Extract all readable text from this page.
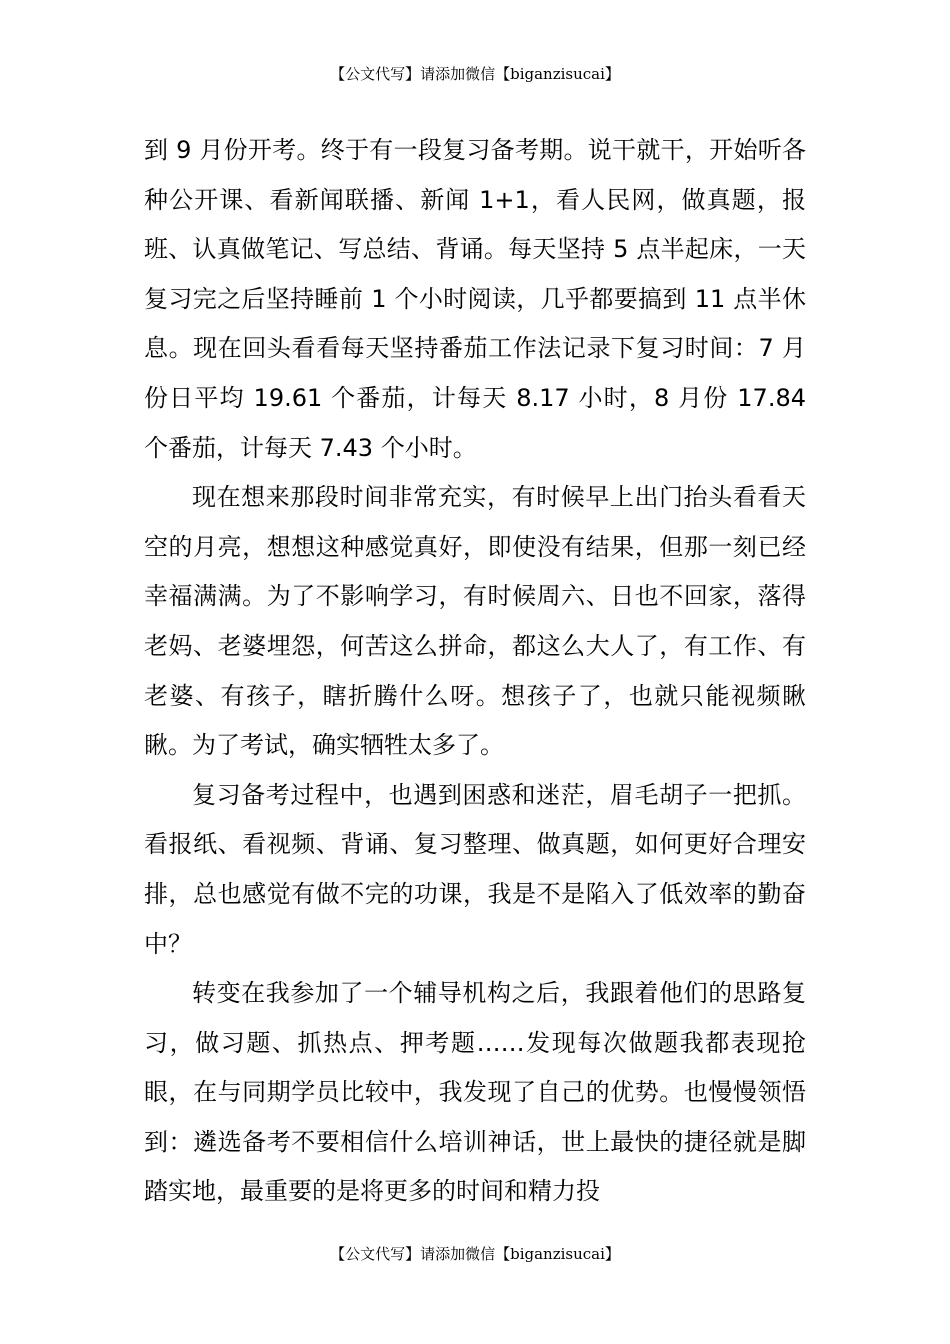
【公文代写】请添加微信【biganzisucai】

到 9 月份开考。终于有一段复习备考期。说干就干，开始听各种公开课、看新闻联播、新闻 1+1，看人民网，做真题，报班、认真做笔记、写总结、背诵。每天坚持 5 点半起床，一天复习完之后坚持睡前 1 个小时阅读，几乎都要搞到 11 点半休息。现在回头看看每天坚持番茄工作法记录下复习时间：7 月份日平均 19.61 个番茄，计每天 8.17 小时，8 月份 17.84 个番茄，计每天 7.43 个小时。

现在想来那段时间非常充实，有时候早上出门抬头看看天空的月亮，想想这种感觉真好，即使没有结果，但那一刻已经幸福满满。为了不影响学习，有时候周六、日也不回家，落得老妈、老婆埋怨，何苦这么拼命，都这么大人了，有工作、有老婆、有孩子，瞎折腾什么呀。想孩子了，也就只能视频瞅瞅。为了考试，确实牺牲太多了。

复习备考过程中，也遇到困惑和迷茫，眉毛胡子一把抓。看报纸、看视频、背诵、复习整理、做真题，如何更好合理安排，总也感觉有做不完的功课，我是不是陷入了低效率的勤奋中？

转变在我参加了一个辅导机构之后，我跟着他们的思路复习，做习题、抓热点、押考题……发现每次做题我都表现抢眼，在与同期学员比较中，我发现了自己的优势。也慢慢领悟到：遴选备考不要相信什么培训神话，世上最快的捷径就是脚踏实地，最重要的是将更多的时间和精力投

【公文代写】请添加微信【biganzisucai】
